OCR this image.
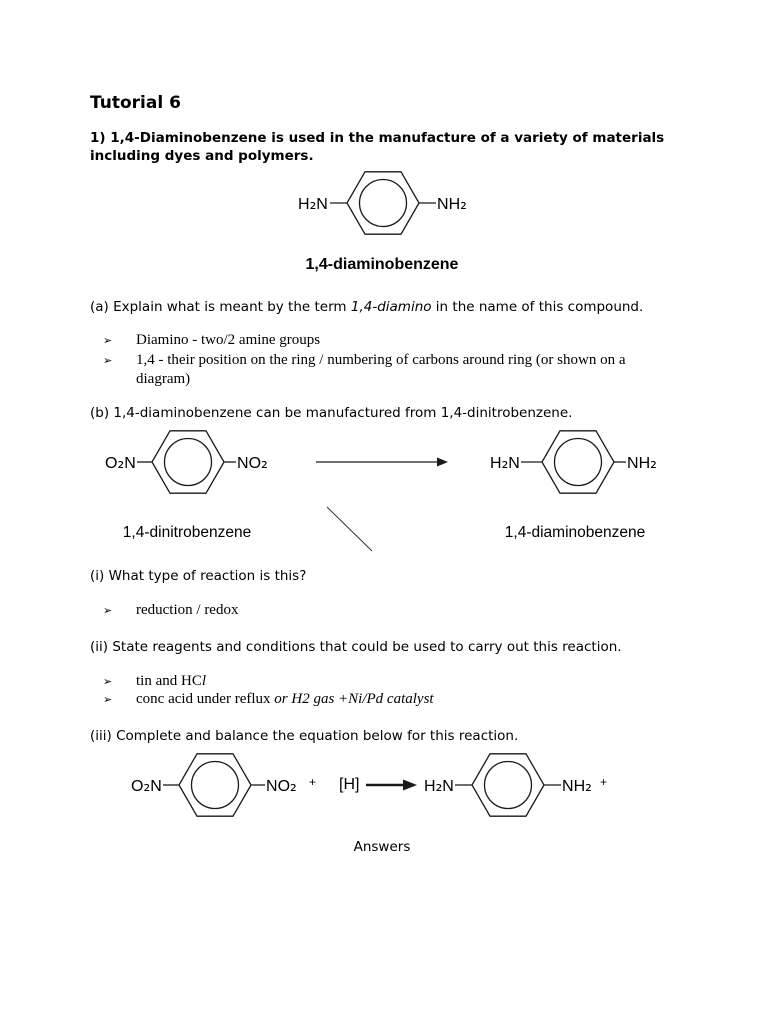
Tutorial 6
1) 1,4-Diaminobenzene is used in the manufacture of a variety of materials including dyes and polymers.
H₂N	NH₂
1,4-diaminobenzene
(a) Explain what is meant by the term 1,4-diamino in the name of this compound.
➢	Diamino - two/2 amine groups
➢	1,4 - their position on the ring / numbering of carbons around ring (or shown on a diagram)
(b) 1,4-diaminobenzene can be manufactured from 1,4-dinitrobenzene.
O₂N	NO₂	H₂N	NH₂
1,4-dinitrobenzene	1,4-diaminobenzene
(i) What type of reaction is this?
➢	reduction / redox
(ii) State reagents and conditions that could be used to carry out this reaction.
➢	tin and HCl
➢	conc acid under reflux or H2 gas +Ni/Pd catalyst
(iii) Complete and balance the equation below for this reaction.
O₂N	NO₂ + [H]	H₂N	NH₂ +
Answers
